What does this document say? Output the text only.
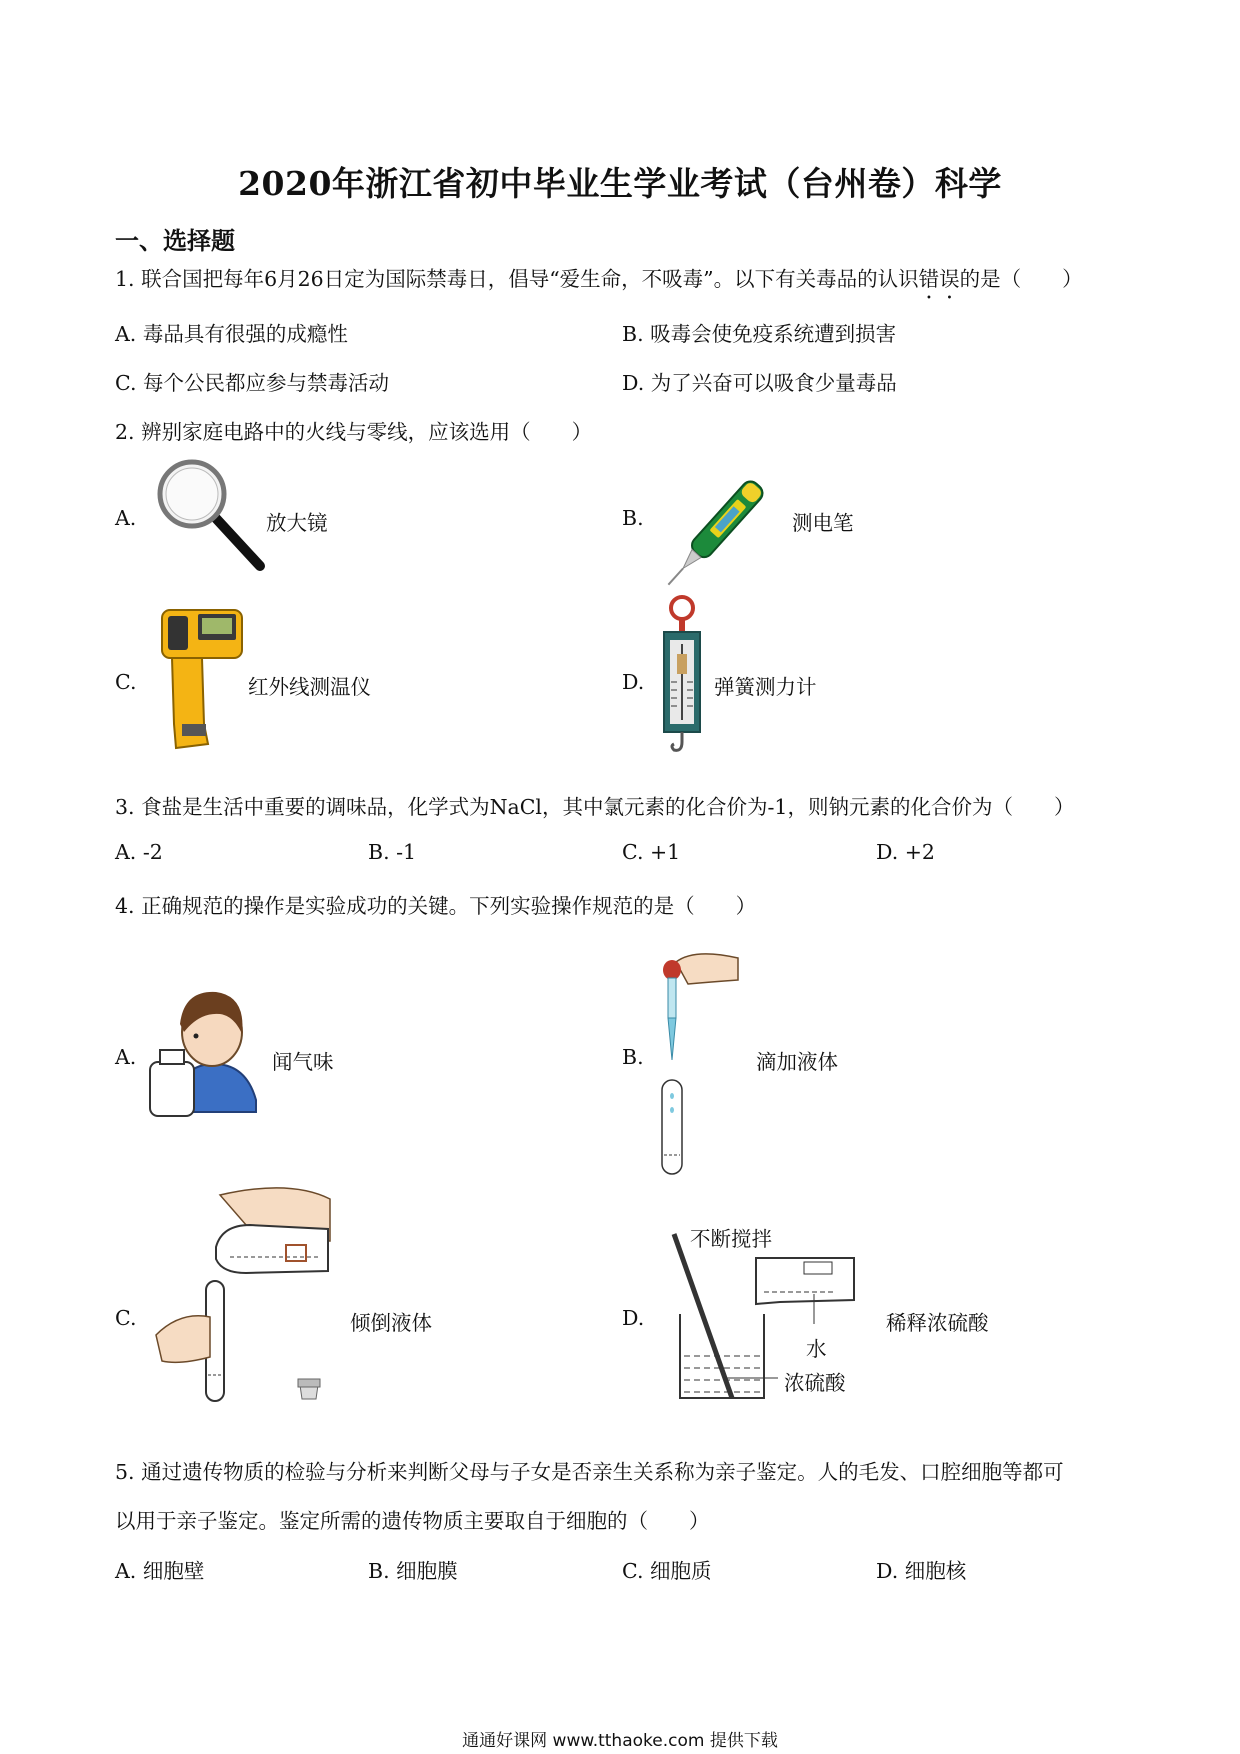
2020年浙江省初中毕业生学业考试（台州卷）科学
一、选择题
1. 联合国把每年6月26日定为国际禁毒日，倡导“爱生命，不吸毒”。以下有关毒品的认识错误的是（　　）
A. 毒品具有很强的成瘾性	B. 吸毒会使免疫系统遭到损害
C. 每个公民都应参与禁毒活动	D. 为了兴奋可以吸食少量毒品
2. 辨别家庭电路中的火线与零线，应该选用（　　）
A.	放大镜	B.	测电笔
C.	红外线测温仪	D.	弹簧测力计
3. 食盐是生活中重要的调味品，化学式为NaCl，其中氯元素的化合价为-1，则钠元素的化合价为（　　）
A. -2	B. -1	C. +1	D. +2
4. 正确规范的操作是实验成功的关键。下列实验操作规范的是（　　）
A.	闻气味	B.	滴加液体
C.	倾倒液体	D.	稀释浓硫酸
不断搅拌
水
浓硫酸
5. 通过遗传物质的检验与分析来判断父母与子女是否亲生关系称为亲子鉴定。人的毛发、口腔细胞等都可
以用于亲子鉴定。鉴定所需的遗传物质主要取自于细胞的（　　）
A. 细胞壁	B. 细胞膜	C. 细胞质	D. 细胞核
通通好课网 www.tthaoke.com 提供下载
